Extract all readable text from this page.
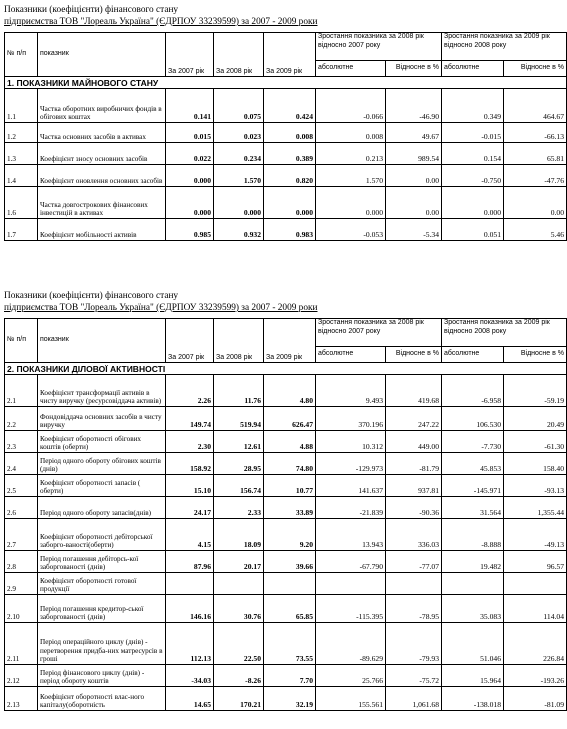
Показники (коефіцієнти) фінансового стану
підприємства ТОВ "Лореаль Україна" (ЄДРПОУ 33239599) за 2007 - 2009 роки
№ п/п	показник	За 2007 рік	За 2008 рік	За 2009 рік	Зростання показника за 2008 рік відносно 2007 року		Зростання показника за 2009 рік відносно 2008 року	
					абсолютне	Відносне в %	абсолютне	Відносне в %
1. ПОКАЗНИКИ МАЙНОВОГО СТАНУ								
1.1	Частка оборотних виробничих фондів в обігових коштах	0.141	0.075	0.424	-0.066	-46.90	0.349	464.67
1.2	Частка основних засобів в активах	0.015	0.023	0.008	0.008	49.67	-0.015	-66.13
1.3	Коефіцієнт зносу основних засобів	0.022	0.234	0.389	0.213	989.54	0.154	65.81
1.4	Коефіцієнт оновлення основних засобів	0.000	1.570	0.820	1.570	0.00	-0.750	-47.76
1.6	Частка довгострокових фінансових інвестицій в активах	0.000	0.000	0.000	0.000	0.00	0.000	0.00
1.7	Коефіцієнт мобільності активів	0.985	0.932	0.983	-0.053	-5.34	0.051	5.46
Показники (коефіцієнти) фінансового стану
підприємства ТОВ "Лореаль Україна" (ЄДРПОУ 33239599) за 2007 - 2009 роки
№ п/п	показник	За 2007 рік	За 2008 рік	За 2009 рік	Зростання показника за 2008 рік відносно 2007 року		Зростання показника за 2009 рік відносно 2008 року	
					абсолютне	Відносне в %	абсолютне	Відносне в %
2. ПОКАЗНИКИ ДІЛОВОЇ АКТИВНОСТІ								
2.1	Коефіцієнт трансформації активів в чисту виручку (ресурсовіддача активів)	2.26	11.76	4.80	9.493	419.68	-6.958	-59.19
2.2	Фондовіддача основних засобів в чисту виручку	149.74	519.94	626.47	370.196	247.22	106.530	20.49
2.3	Коефіцієнт оборотності обігових коштів (оберти)	2.30	12.61	4.88	10.312	449.00	-7.730	-61.30
2.4	Період одного обороту обігових коштів (днів)	158.92	28.95	74.80	-129.973	-81.79	45.853	158.40
2.5	Коефіцієнт оборотності запасів ( оберти)	15.10	156.74	10.77	141.637	937.81	-145.971	-93.13
2.6	Період одного обороту запасів(днів)	24.17	2.33	33.89	-21.839	-90.36	31.564	1,355.44
2.7	Коефіцієнт оборотності дебіторської заборго-ваності(оберти)	4.15	18.09	9.20	13.943	336.03	-8.888	-49.13
2.8	Період погашення дебіторсь-кої заборгованості (днів)	87.96	20.17	39.66	-67.790	-77.07	19.482	96.57
2.9	Коефіцієнт оборотності готової продукції							
2.10	Період погашення кредитор-ської заборгованості (днів)	146.16	30.76	65.85	-115.395	-78.95	35.083	114.04
2.11	Період операційного циклу (днів) - перетворення придба-них матресурсів в гроші	112.13	22.50	73.55	-89.629	-79.93	51.046	226.84
2.12	Період фінансового циклу (днів) - період обороту коштів	-34.03	-8.26	7.70	25.766	-75.72	15.964	-193.26
2.13	Коефіцієнт оборотності влас-ного капіталу(оборотність	14.65	170.21	32.19	155.561	1,061.68	-138.018	-81.09
